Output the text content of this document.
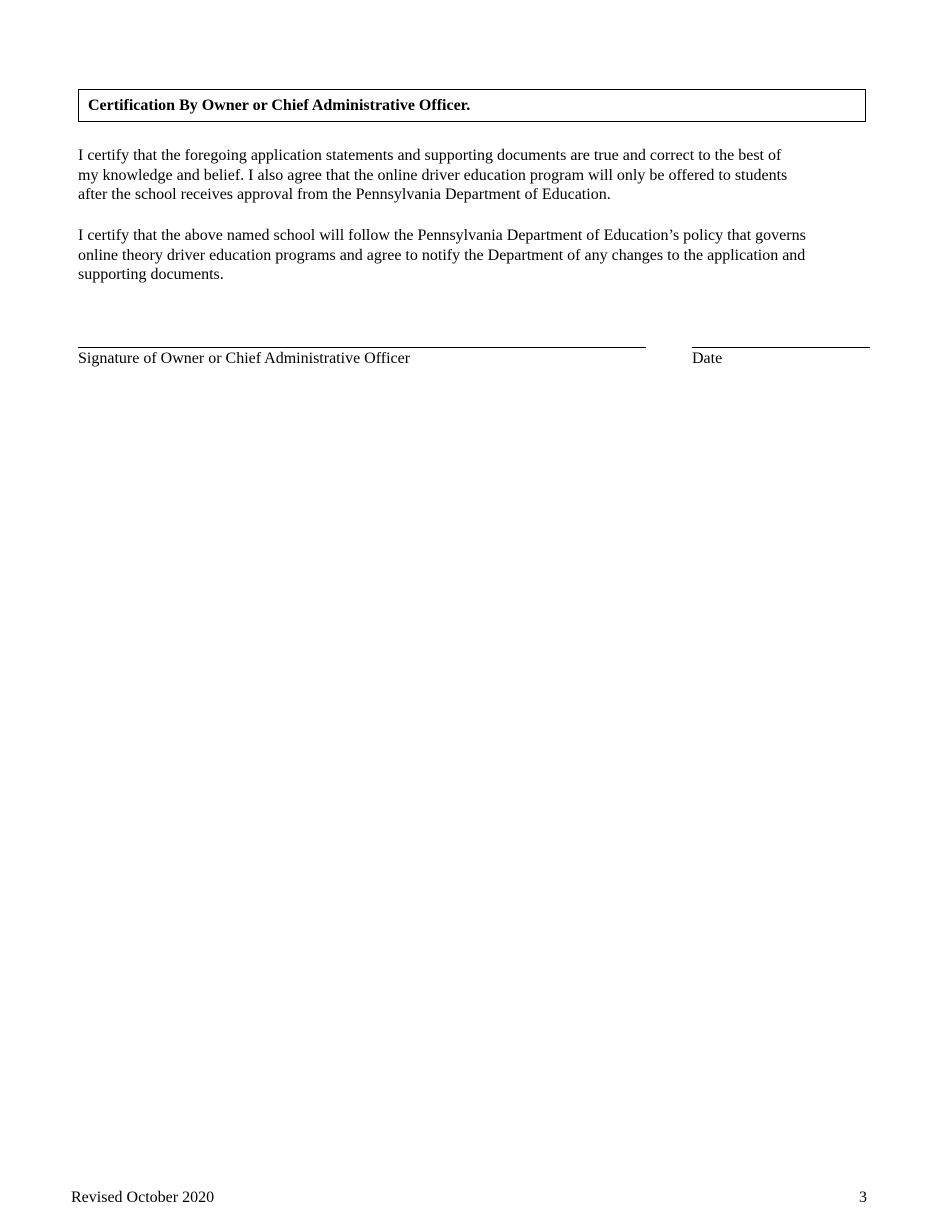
Certification By Owner or Chief Administrative Officer.
I certify that the foregoing application statements and supporting documents are true and correct to the best of
my knowledge and belief. I also agree that the online driver education program will only be offered to students
after the school receives approval from the Pennsylvania Department of Education.
I certify that the above named school will follow the Pennsylvania Department of Education’s policy that governs
online theory driver education programs and agree to notify the Department of any changes to the application and
supporting documents.
Signature of Owner or Chief Administrative Officer	Date
Revised October 2020	3
